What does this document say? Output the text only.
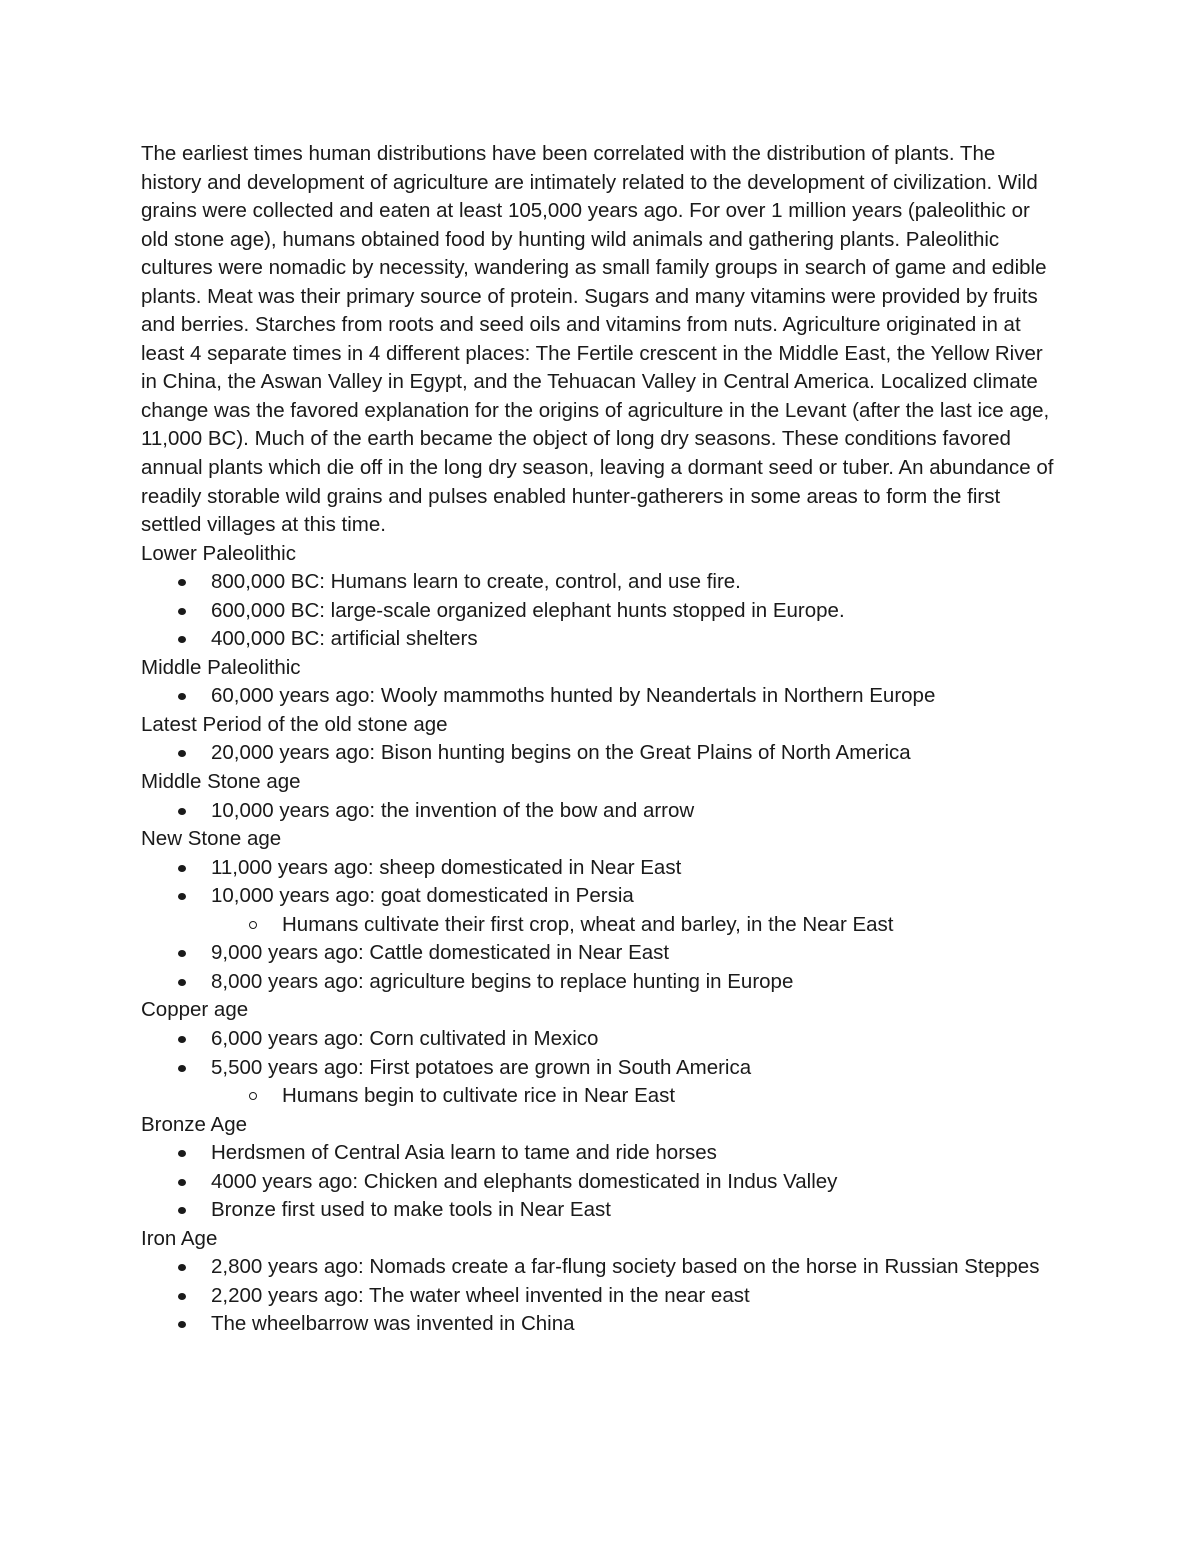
The earliest times human distributions have been correlated with the distribution of plants. The history and development of agriculture are intimately related to the development of civilization. Wild grains were collected and eaten at least 105,000 years ago. For over 1 million years (paleolithic or old stone age), humans obtained food by hunting wild animals and gathering plants. Paleolithic cultures were nomadic by necessity, wandering as small family groups in search of game and edible plants. Meat was their primary source of protein. Sugars and many vitamins were provided by fruits and berries. Starches from roots and seed oils and vitamins from nuts. Agriculture originated in at least 4 separate times in 4 different places: The Fertile crescent in the Middle East, the Yellow River in China, the Aswan Valley in Egypt, and the Tehuacan Valley in Central America. Localized climate change was the favored explanation for the origins of agriculture in the Levant (after the last ice age, 11,000 BC). Much of the earth became the object of long dry seasons. These conditions favored annual plants which die off in the long dry season, leaving a dormant seed or tuber. An abundance of readily storable wild grains and pulses enabled hunter-gatherers in some areas to form the first settled villages at this time.

Lower Paleolithic
800,000 BC: Humans learn to create, control, and use fire.
600,000 BC: large-scale organized elephant hunts stopped in Europe.
400,000 BC: artificial shelters
Middle Paleolithic
60,000 years ago: Wooly mammoths hunted by Neandertals in Northern Europe
Latest Period of the old stone age
20,000 years ago: Bison hunting begins on the Great Plains of North America
Middle Stone age
10,000 years ago: the invention of the bow and arrow
New Stone age
11,000 years ago: sheep domesticated in Near East
10,000 years ago: goat domesticated in Persia
Humans cultivate their first crop, wheat and barley, in the Near East
9,000 years ago: Cattle domesticated in Near East
8,000 years ago: agriculture begins to replace hunting in Europe
Copper age
6,000 years ago: Corn cultivated in Mexico
5,500 years ago: First potatoes are grown in South America
Humans begin to cultivate rice in Near East
Bronze Age
Herdsmen of Central Asia learn to tame and ride horses
4000 years ago: Chicken and elephants domesticated in Indus Valley
Bronze first used to make tools in Near East
Iron Age
2,800 years ago: Nomads create a far-flung society based on the horse in Russian Steppes
2,200 years ago: The water wheel invented in the near east
The wheelbarrow was invented in China
